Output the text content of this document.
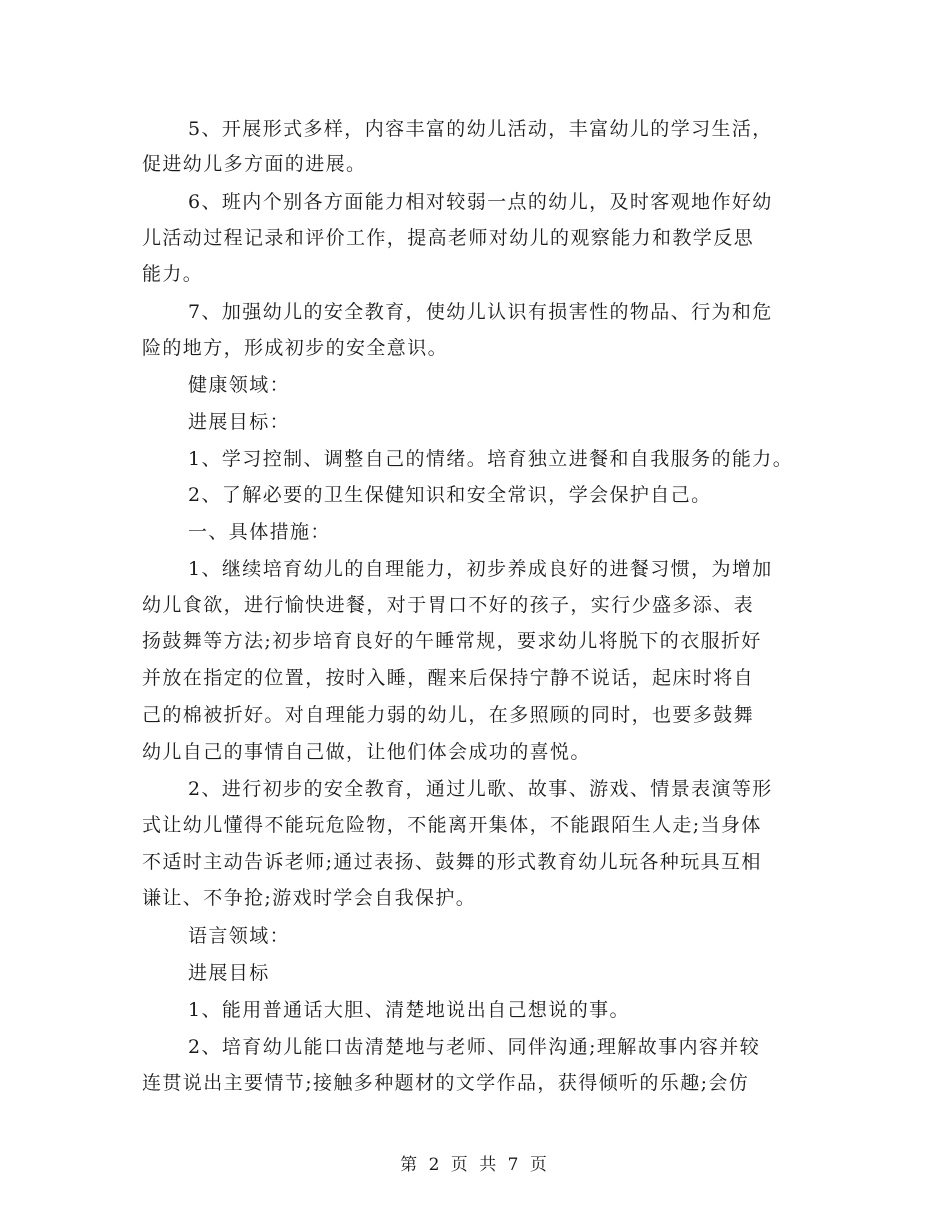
5、开展形式多样，内容丰富的幼儿活动，丰富幼儿的学习生活，
促进幼儿多方面的进展。
6、班内个别各方面能力相对较弱一点的幼儿，及时客观地作好幼
儿活动过程记录和评价工作，提高老师对幼儿的观察能力和教学反思
能力。
7、加强幼儿的安全教育，使幼儿认识有损害性的物品、行为和危
险的地方，形成初步的安全意识。
健康领域：
进展目标：
1、学习控制、调整自己的情绪。培育独立进餐和自我服务的能力。
2、了解必要的卫生保健知识和安全常识，学会保护自己。
一、具体措施：
1、继续培育幼儿的自理能力，初步养成良好的进餐习惯，为增加
幼儿食欲，进行愉快进餐，对于胃口不好的孩子，实行少盛多添、表
扬鼓舞等方法;初步培育良好的午睡常规，要求幼儿将脱下的衣服折好
并放在指定的位置，按时入睡，醒来后保持宁静不说话，起床时将自
己的棉被折好。对自理能力弱的幼儿，在多照顾的同时，也要多鼓舞
幼儿自己的事情自己做，让他们体会成功的喜悦。
2、进行初步的安全教育，通过儿歌、故事、游戏、情景表演等形
式让幼儿懂得不能玩危险物，不能离开集体，不能跟陌生人走;当身体
不适时主动告诉老师;通过表扬、鼓舞的形式教育幼儿玩各种玩具互相
谦让、不争抢;游戏时学会自我保护。
语言领域：
进展目标
1、能用普通话大胆、清楚地说出自己想说的事。
2、培育幼儿能口齿清楚地与老师、同伴沟通;理解故事内容并较
连贯说出主要情节;接触多种题材的文学作品，获得倾听的乐趣;会仿
第 2 页 共 7 页
